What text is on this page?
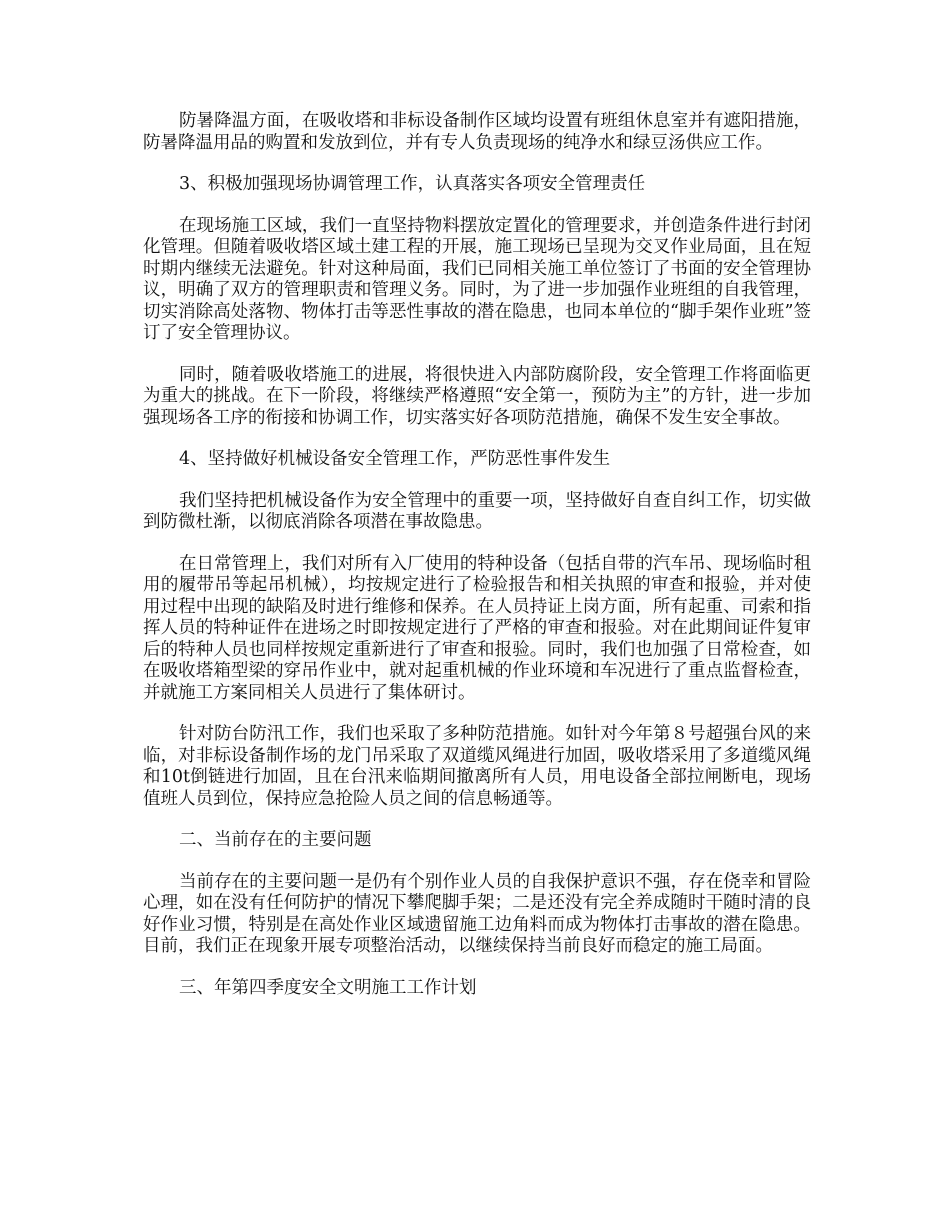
防暑降温方面，在吸收塔和非标设备制作区域均设置有班组休息室并有遮阳措施，防暑降温用品的购置和发放到位，并有专人负责现场的纯净水和绿豆汤供应工作。

3、积极加强现场协调管理工作，认真落实各项安全管理责任

在现场施工区域，我们一直坚持物料摆放定置化的管理要求，并创造条件进行封闭化管理。但随着吸收塔区域土建工程的开展，施工现场已呈现为交叉作业局面，且在短时期内继续无法避免。针对这种局面，我们已同相关施工单位签订了书面的安全管理协议，明确了双方的管理职责和管理义务。同时，为了进一步加强作业班组的自我管理，切实消除高处落物、物体打击等恶性事故的潜在隐患，也同本单位的“脚手架作业班”签订了安全管理协议。

同时，随着吸收塔施工的进展，将很快进入内部防腐阶段，安全管理工作将面临更为重大的挑战。在下一阶段，将继续严格遵照“安全第一，预防为主”的方针，进一步加强现场各工序的衔接和协调工作，切实落实好各项防范措施，确保不发生安全事故。

4、坚持做好机械设备安全管理工作，严防恶性事件发生

我们坚持把机械设备作为安全管理中的重要一项，坚持做好自查自纠工作，切实做到防微杜渐，以彻底消除各项潜在事故隐患。

在日常管理上，我们对所有入厂使用的特种设备（包括自带的汽车吊、现场临时租用的履带吊等起吊机械），均按规定进行了检验报告和相关执照的审查和报验，并对使用过程中出现的缺陷及时进行维修和保养。在人员持证上岗方面，所有起重、司索和指挥人员的特种证件在进场之时即按规定进行了严格的审查和报验。对在此期间证件复审后的特种人员也同样按规定重新进行了审查和报验。同时，我们也加强了日常检查，如在吸收塔箱型梁的穿吊作业中，就对起重机械的作业环境和车况进行了重点监督检查，并就施工方案同相关人员进行了集体研讨。

针对防台防汛工作，我们也采取了多种防范措施。如针对今年第８号超强台风的来临，对非标设备制作场的龙门吊采取了双道缆风绳进行加固，吸收塔采用了多道缆风绳和10t倒链进行加固，且在台汛来临期间撤离所有人员，用电设备全部拉闸断电，现场值班人员到位，保持应急抢险人员之间的信息畅通等。

二、当前存在的主要问题

当前存在的主要问题一是仍有个别作业人员的自我保护意识不强，存在侥幸和冒险心理，如在没有任何防护的情况下攀爬脚手架；二是还没有完全养成随时干随时清的良好作业习惯，特别是在高处作业区域遗留施工边角料而成为物体打击事故的潜在隐患。目前，我们正在现象开展专项整治活动，以继续保持当前良好而稳定的施工局面。

三、年第四季度安全文明施工工作计划
